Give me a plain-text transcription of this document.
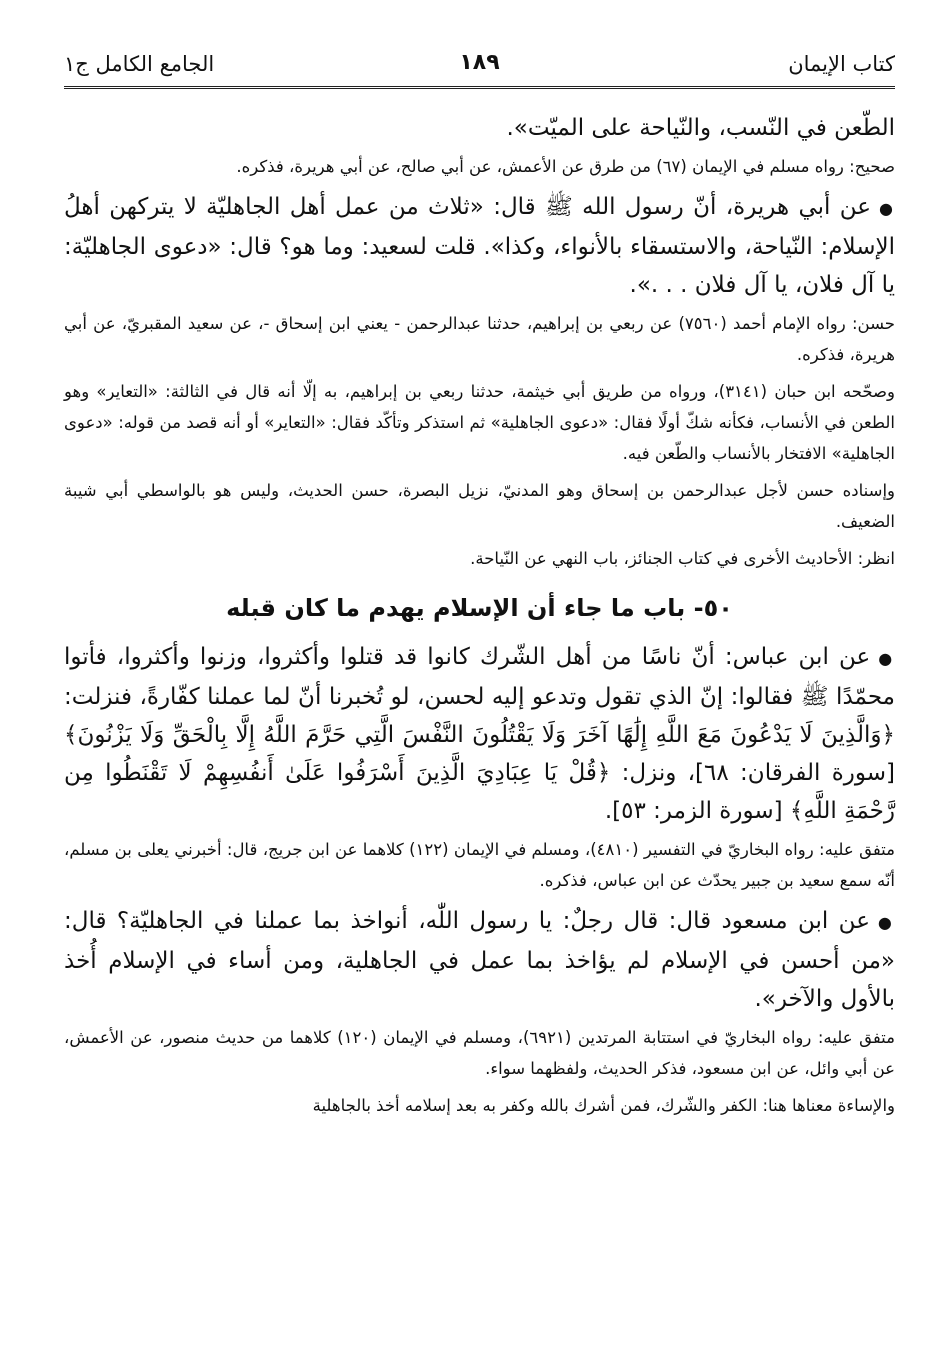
كتاب الإيمان
١٨٩
الجامع الكامل ج١

الطّعن في النّسب، والنّياحة على الميّت».

صحيح: رواه مسلم في الإيمان (٦٧) من طرق عن الأعمش، عن أبي صالح، عن أبي هريرة، فذكره.

●عن أبي هريرة، أنّ رسول الله ﷺ قال: «ثلاث من عمل أهل الجاهليّة لا يتركهن أهلُ الإسلام: النّياحة، والاستسقاء بالأنواء، وكذا». قلت لسعيد: وما هو؟ قال: «دعوى الجاهليّة: يا آل فلان، يا آل فلان . . .».

حسن: رواه الإمام أحمد (٧٥٦٠) عن ربعي بن إبراهيم، حدثنا عبدالرحمن - يعني ابن إسحاق -، عن سعيد المقبريّ، عن أبي هريرة، فذكره.

وصحّحه ابن حبان (٣١٤١)، ورواه من طريق أبي خيثمة، حدثنا ربعي بن إبراهيم، به إلّا أنه قال في الثالثة: «التعاير» وهو الطعن في الأنساب، فكأنه شكّ أولًا فقال: «دعوى الجاهلية» ثم استذكر وتأكّد فقال: «التعاير» أو أنه قصد من قوله: «دعوى الجاهلية» الافتخار بالأنساب والطّعن فيه.

وإسناده حسن لأجل عبدالرحمن بن إسحاق وهو المدنيّ، نزيل البصرة، حسن الحديث، وليس هو بالواسطي أبي شيبة الضعيف.

انظر: الأحاديث الأخرى في كتاب الجنائز، باب النهي عن النّياحة.

٥٠- باب ما جاء أن الإسلام يهدم ما كان قبله

●عن ابن عباس: أنّ ناسًا من أهل الشّرك كانوا قد قتلوا وأكثروا، وزنوا وأكثروا، فأتوا محمّدًا ﷺ فقالوا: إنّ الذي تقول وتدعو إليه لحسن، لو تُخبرنا أنّ لما عملنا كفّارةً، فنزلت: ﴿وَالَّذِينَ لَا يَدْعُونَ مَعَ اللَّهِ إِلَٰهًا آخَرَ وَلَا يَقْتُلُونَ النَّفْسَ الَّتِي حَرَّمَ اللَّهُ إِلَّا بِالْحَقِّ وَلَا يَزْنُونَ﴾ [سورة الفرقان: ٦٨]، ونزل: ﴿قُلْ يَا عِبَادِيَ الَّذِينَ أَسْرَفُوا عَلَىٰ أَنفُسِهِمْ لَا تَقْنَطُوا مِن رَّحْمَةِ اللَّهِ﴾ [سورة الزمر: ٥٣].

متفق عليه: رواه البخاريّ في التفسير (٤٨١٠)، ومسلم في الإيمان (١٢٢) كلاهما عن ابن جريج، قال: أخبرني يعلى بن مسلم، أنّه سمع سعيد بن جبير يحدّث عن ابن عباس، فذكره.

●عن ابن مسعود قال: قال رجلٌ: يا رسول اللّٰه، أنواخذ بما عملنا في الجاهليّة؟ قال: «من أحسن في الإسلام لم يؤاخذ بما عمل في الجاهلية، ومن أساء في الإسلام أُخذ بالأول والآخر».

متفق عليه: رواه البخاريّ في استتابة المرتدين (٦٩٢١)، ومسلم في الإيمان (١٢٠) كلاهما من حديث منصور، عن الأعمش، عن أبي وائل، عن ابن مسعود، فذكر الحديث، ولفظهما سواء.

والإساءة معناها هنا: الكفر والشّرك، فمن أشرك بالله وكفر به بعد إسلامه أخذ بالجاهلية
